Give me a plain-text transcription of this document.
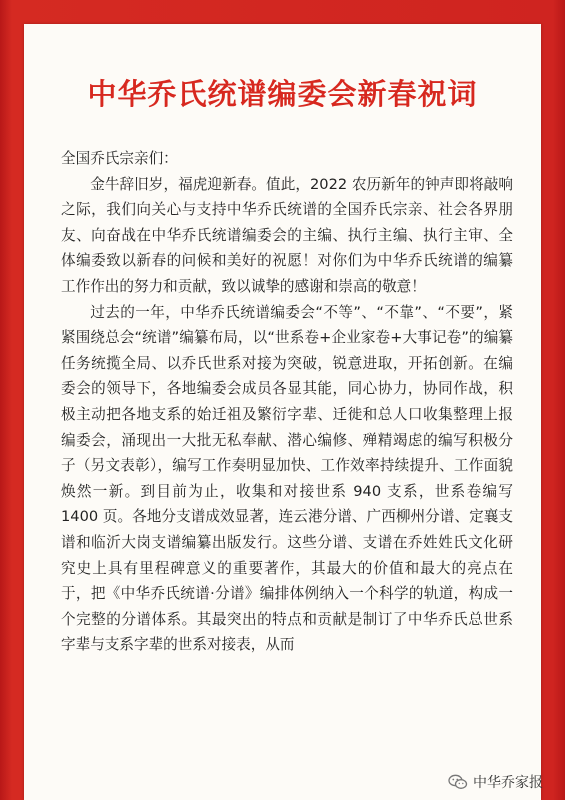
中华乔氏统谱编委会新春祝词

全国乔氏宗亲们：

金牛辞旧岁，福虎迎新春。值此，2022 农历新年的钟声即将敲响之际，我们向关心与支持中华乔氏统谱的全国乔氏宗亲、社会各界朋友、向奋战在中华乔氏统谱编委会的主编、执行主编、执行主审、全体编委致以新春的问候和美好的祝愿！对你们为中华乔氏统谱的编纂工作作出的努力和贡献，致以诚挚的感谢和崇高的敬意！

过去的一年，中华乔氏统谱编委会“不等”、“不靠”、“不要”，紧紧围绕总会“统谱”编纂布局，以“世系卷+企业家卷+大事记卷”的编纂任务统揽全局、以乔氏世系对接为突破，锐意进取，开拓创新。在编委会的领导下，各地编委会成员各显其能，同心协力，协同作战，积极主动把各地支系的始迁祖及繁衍字辈、迁徙和总人口收集整理上报编委会，涌现出一大批无私奉献、潜心编修、殚精竭虑的编写积极分子（另文表彰），编写工作奏明显加快、工作效率持续提升、工作面貌焕然一新。到目前为止，收集和对接世系 940 支系，世系卷编写 1400 页。各地分支谱成效显著，连云港分谱、广西柳州分谱、定襄支谱和临沂大岗支谱编纂出版发行。这些分谱、支谱在乔姓姓氏文化研究史上具有里程碑意义的重要著作，其最大的价值和最大的亮点在于，把《中华乔氏统谱·分谱》编排体例纳入一个科学的轨道，构成一个完整的分谱体系。其最突出的特点和贡献是制订了中华乔氏总世系字辈与支系字辈的世系对接表，从而

中华乔家报
